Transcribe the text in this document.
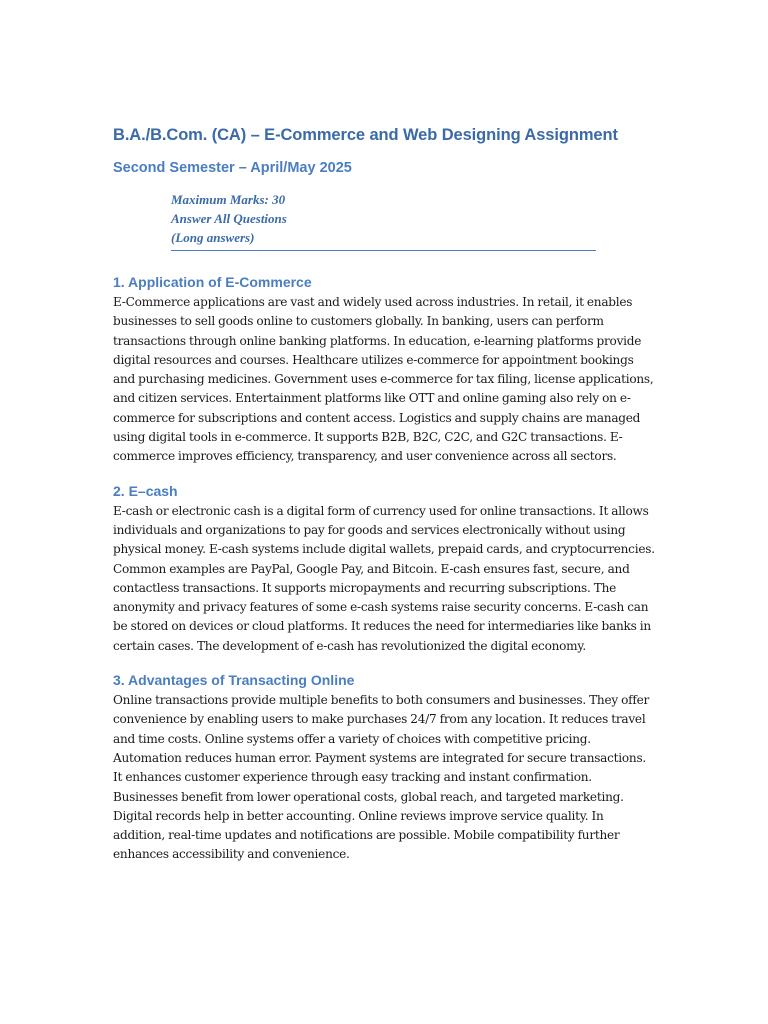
B.A./B.Com. (CA) – E-Commerce and Web Designing Assignment
Second Semester – April/May 2025
Maximum Marks: 30
Answer All Questions
(Long answers)
1. Application of E-Commerce

E-Commerce applications are vast and widely used across industries. In retail, it enables businesses to sell goods online to customers globally. In banking, users can perform transactions through online banking platforms. In education, e-learning platforms provide digital resources and courses. Healthcare utilizes e-commerce for appointment bookings and purchasing medicines. Government uses e-commerce for tax filing, license applications, and citizen services. Entertainment platforms like OTT and online gaming also rely on e-commerce for subscriptions and content access. Logistics and supply chains are managed using digital tools in e-commerce. It supports B2B, B2C, C2C, and G2C transactions. E-commerce improves efficiency, transparency, and user convenience across all sectors.

2. E–cash

E-cash or electronic cash is a digital form of currency used for online transactions. It allows individuals and organizations to pay for goods and services electronically without using physical money. E-cash systems include digital wallets, prepaid cards, and cryptocurrencies. Common examples are PayPal, Google Pay, and Bitcoin. E-cash ensures fast, secure, and contactless transactions. It supports micropayments and recurring subscriptions. The anonymity and privacy features of some e-cash systems raise security concerns. E-cash can be stored on devices or cloud platforms. It reduces the need for intermediaries like banks in certain cases. The development of e-cash has revolutionized the digital economy.

3. Advantages of Transacting Online

Online transactions provide multiple benefits to both consumers and businesses. They offer convenience by enabling users to make purchases 24/7 from any location. It reduces travel and time costs. Online systems offer a variety of choices with competitive pricing. Automation reduces human error. Payment systems are integrated for secure transactions. It enhances customer experience through easy tracking and instant confirmation. Businesses benefit from lower operational costs, global reach, and targeted marketing. Digital records help in better accounting. Online reviews improve service quality. In addition, real-time updates and notifications are possible. Mobile compatibility further enhances accessibility and convenience.
